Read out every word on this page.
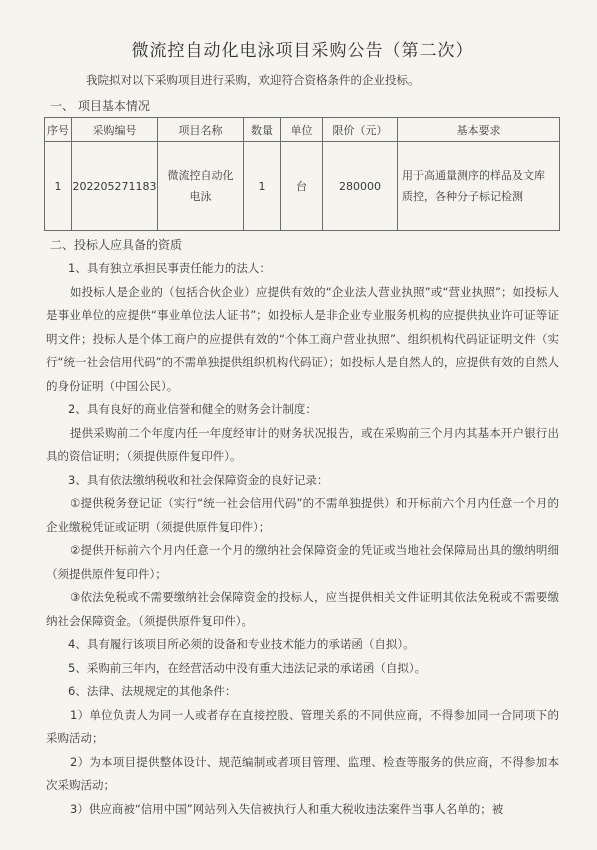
微流控自动化电泳项目采购公告（第二次）
我院拟对以下采购项目进行采购，欢迎符合资格条件的企业投标。
一、 项目基本情况
序号	采购编号	项目名称	数量	单位	限价（元）	基本要求
1	202205271183	微流控自动化电泳	1	台	280000	用于高通量测序的样品及文库质控，各种分子标记检测
二、投标人应具备的资质
1、具有独立承担民事责任能力的法人：
如投标人是企业的（包括合伙企业）应提供有效的“企业法人营业执照”或“营业执照”；如投标人是事业单位的应提供“事业单位法人证书”；如投标人是非企业专业服务机构的应提供执业许可证等证明文件；投标人是个体工商户的应提供有效的“个体工商户营业执照”、组织机构代码证证明文件（实行“统一社会信用代码”的不需单独提供组织机构代码证）；如投标人是自然人的，应提供有效的自然人的身份证明（中国公民）。
2、具有良好的商业信誉和健全的财务会计制度：
提供采购前二个年度内任一年度经审计的财务状况报告，或在采购前三个月内其基本开户银行出具的资信证明；（须提供原件复印件）。
3、具有依法缴纳税收和社会保障资金的良好记录：
①提供税务登记证（实行“统一社会信用代码”的不需单独提供）和开标前六个月内任意一个月的企业缴税凭证或证明（须提供原件复印件）；
②提供开标前六个月内任意一个月的缴纳社会保障资金的凭证或当地社会保障局出具的缴纳明细（须提供原件复印件）；
③依法免税或不需要缴纳社会保障资金的投标人，应当提供相关文件证明其依法免税或不需要缴纳社会保障资金。（须提供原件复印件）。
4、具有履行该项目所必须的设备和专业技术能力的承诺函（自拟）。
5、采购前三年内，在经营活动中没有重大违法记录的承诺函（自拟）。
6、法律、法规规定的其他条件：
1）单位负责人为同一人或者存在直接控股、管理关系的不同供应商，不得参加同一合同项下的采购活动；
2）为本项目提供整体设计、规范编制或者项目管理、监理、检查等服务的供应商，不得参加本次采购活动；
3）供应商被“信用中国”网站列入失信被执行人和重大税收违法案件当事人名单的；被
